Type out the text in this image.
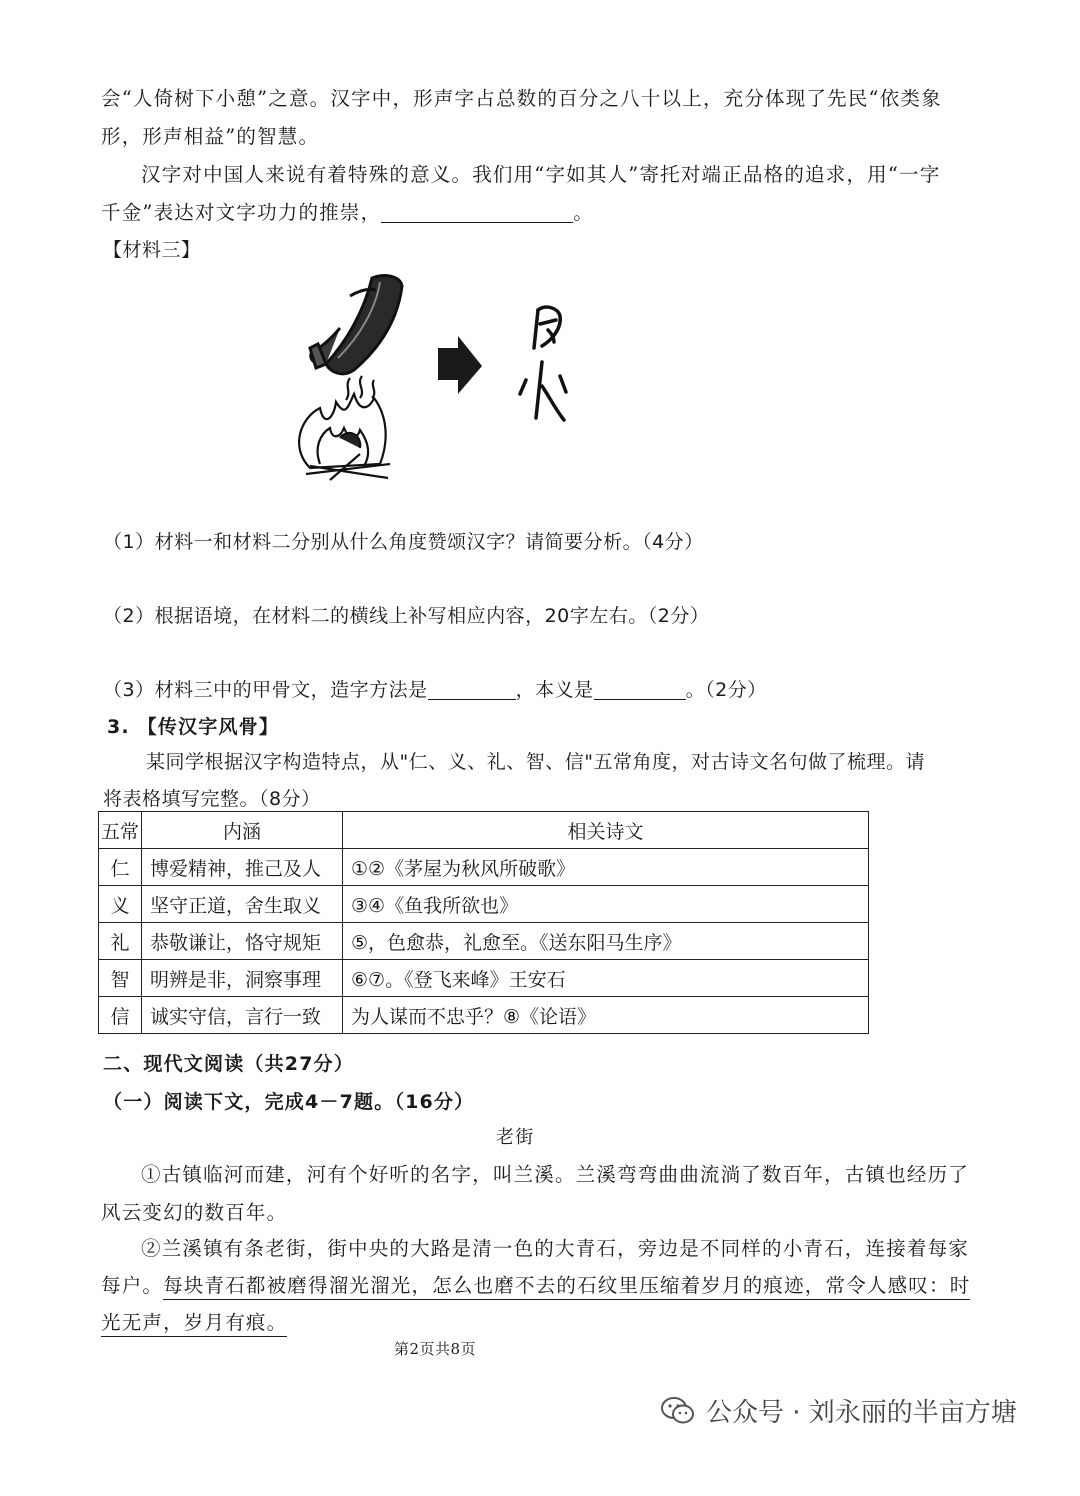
会“人倚树下小憩”之意。汉字中，形声字占总数的百分之八十以上，充分体现了先民“依类象
形，形声相益”的智慧。
汉字对中国人来说有着特殊的意义。我们用“字如其人”寄托对端正品格的追求，用“一字
千金”表达对文字功力的推崇，	。
【材料三】
（1）材料一和材料二分别从什么角度赞颂汉字？请简要分析。（4分）
（2）根据语境，在材料二的横线上补写相应内容，20字左右。（2分）
（3）材料三中的甲骨文，造字方法是	，本义是	。（2分）
3. 【传汉字风骨】
某同学根据汉字构造特点，从"仁、义、礼、智、信"五常角度，对古诗文名句做了梳理。请
将表格填写完整。（8分）
五常	内涵	相关诗文
仁	博爱精神，推己及人	①②《茅屋为秋风所破歌》
义	坚守正道，舍生取义	③④《鱼我所欲也》
礼	恭敬谦让，恪守规矩	⑤，色愈恭，礼愈至。《送东阳马生序》
智	明辨是非，洞察事理	⑥⑦。《登飞来峰》王安石
信	诚实守信，言行一致	为人谋而不忠乎？⑧《论语》
二、现代文阅读（共27分）
（一）阅读下文，完成4－7题。（16分）
老街
①古镇临河而建，河有个好听的名字，叫兰溪。兰溪弯弯曲曲流淌了数百年，古镇也经历了
风云变幻的数百年。
②兰溪镇有条老街，街中央的大路是清一色的大青石，旁边是不同样的小青石，连接着每家
每户。每块青石都被磨得溜光溜光，怎么也磨不去的石纹里压缩着岁月的痕迹，常令人感叹：时
光无声，岁月有痕。
第2页共8页
公众号 · 刘永丽的半亩方塘
